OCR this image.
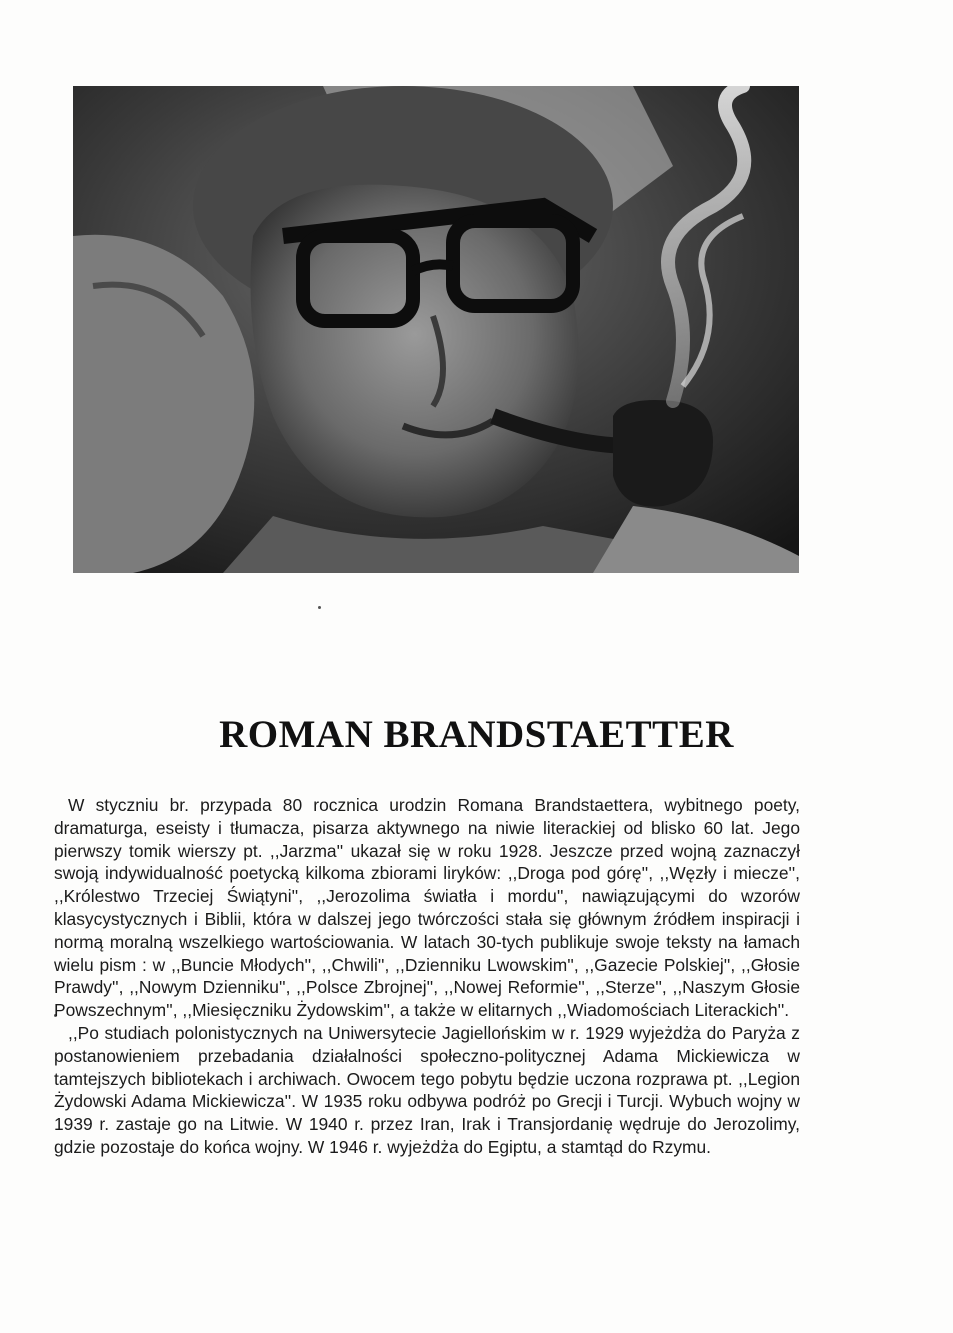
ROMAN BRANDSTAETTER

W styczniu br. przypada 80 rocznica urodzin Romana Brandstaettera, wybitnego poety, dramaturga, eseisty i tłumacza, pisarza aktywnego na niwie literackiej od blisko 60 lat. Jego pierwszy tomik wierszy pt. ,,Jarzma'' ukazał się w roku 1928. Jeszcze przed wojną zaznaczył swoją indywidualność poetycką kilkoma zbiorami liryków: ,,Droga pod górę'', ,,Węzły i miecze'', ,,Królestwo Trzeciej Świątyni'', ,,Jerozolima światła i mordu'', nawiązującymi do wzorów klasycystycznych i Biblii, która w dalszej jego twórczości stała się głównym źródłem inspiracji i normą moralną wszelkiego wartościowania. W latach 30-tych publikuje swoje teksty na łamach wielu pism : w ,,Buncie Młodych'', ,,Chwili'', ,,Dzienniku Lwowskim'', ,,Gazecie Polskiej'', ,,Głosie Prawdy'', ,,Nowym Dzienniku'', ,,Polsce Zbrojnej'', ,,Nowej Reformie'', ,,Sterze'', ,,Naszym Głosie Powszechnym'', ,,Miesięczniku Żydowskim'', a także w elitarnych ,,Wiadomościach Literackich''.

,,Po studiach polonistycznych na Uniwersytecie Jagiellońskim w r. 1929 wyjeżdża do Paryża z postanowieniem przebadania działalności społeczno-politycznej Adama Mickiewicza w tamtejszych bibliotekach i archiwach. Owocem tego pobytu będzie uczona rozprawa pt. ,,Legion Żydowski Adama Mickiewicza''. W 1935 roku odbywa podróż po Grecji i Turcji. Wybuch wojny w 1939 r. zastaje go na Litwie. W 1940 r. przez Iran, Irak i Transjordanię wędruje do Jerozolimy, gdzie pozostaje do końca wojny. W 1946 r. wyjeżdża do Egiptu, a stamtąd do Rzymu.
